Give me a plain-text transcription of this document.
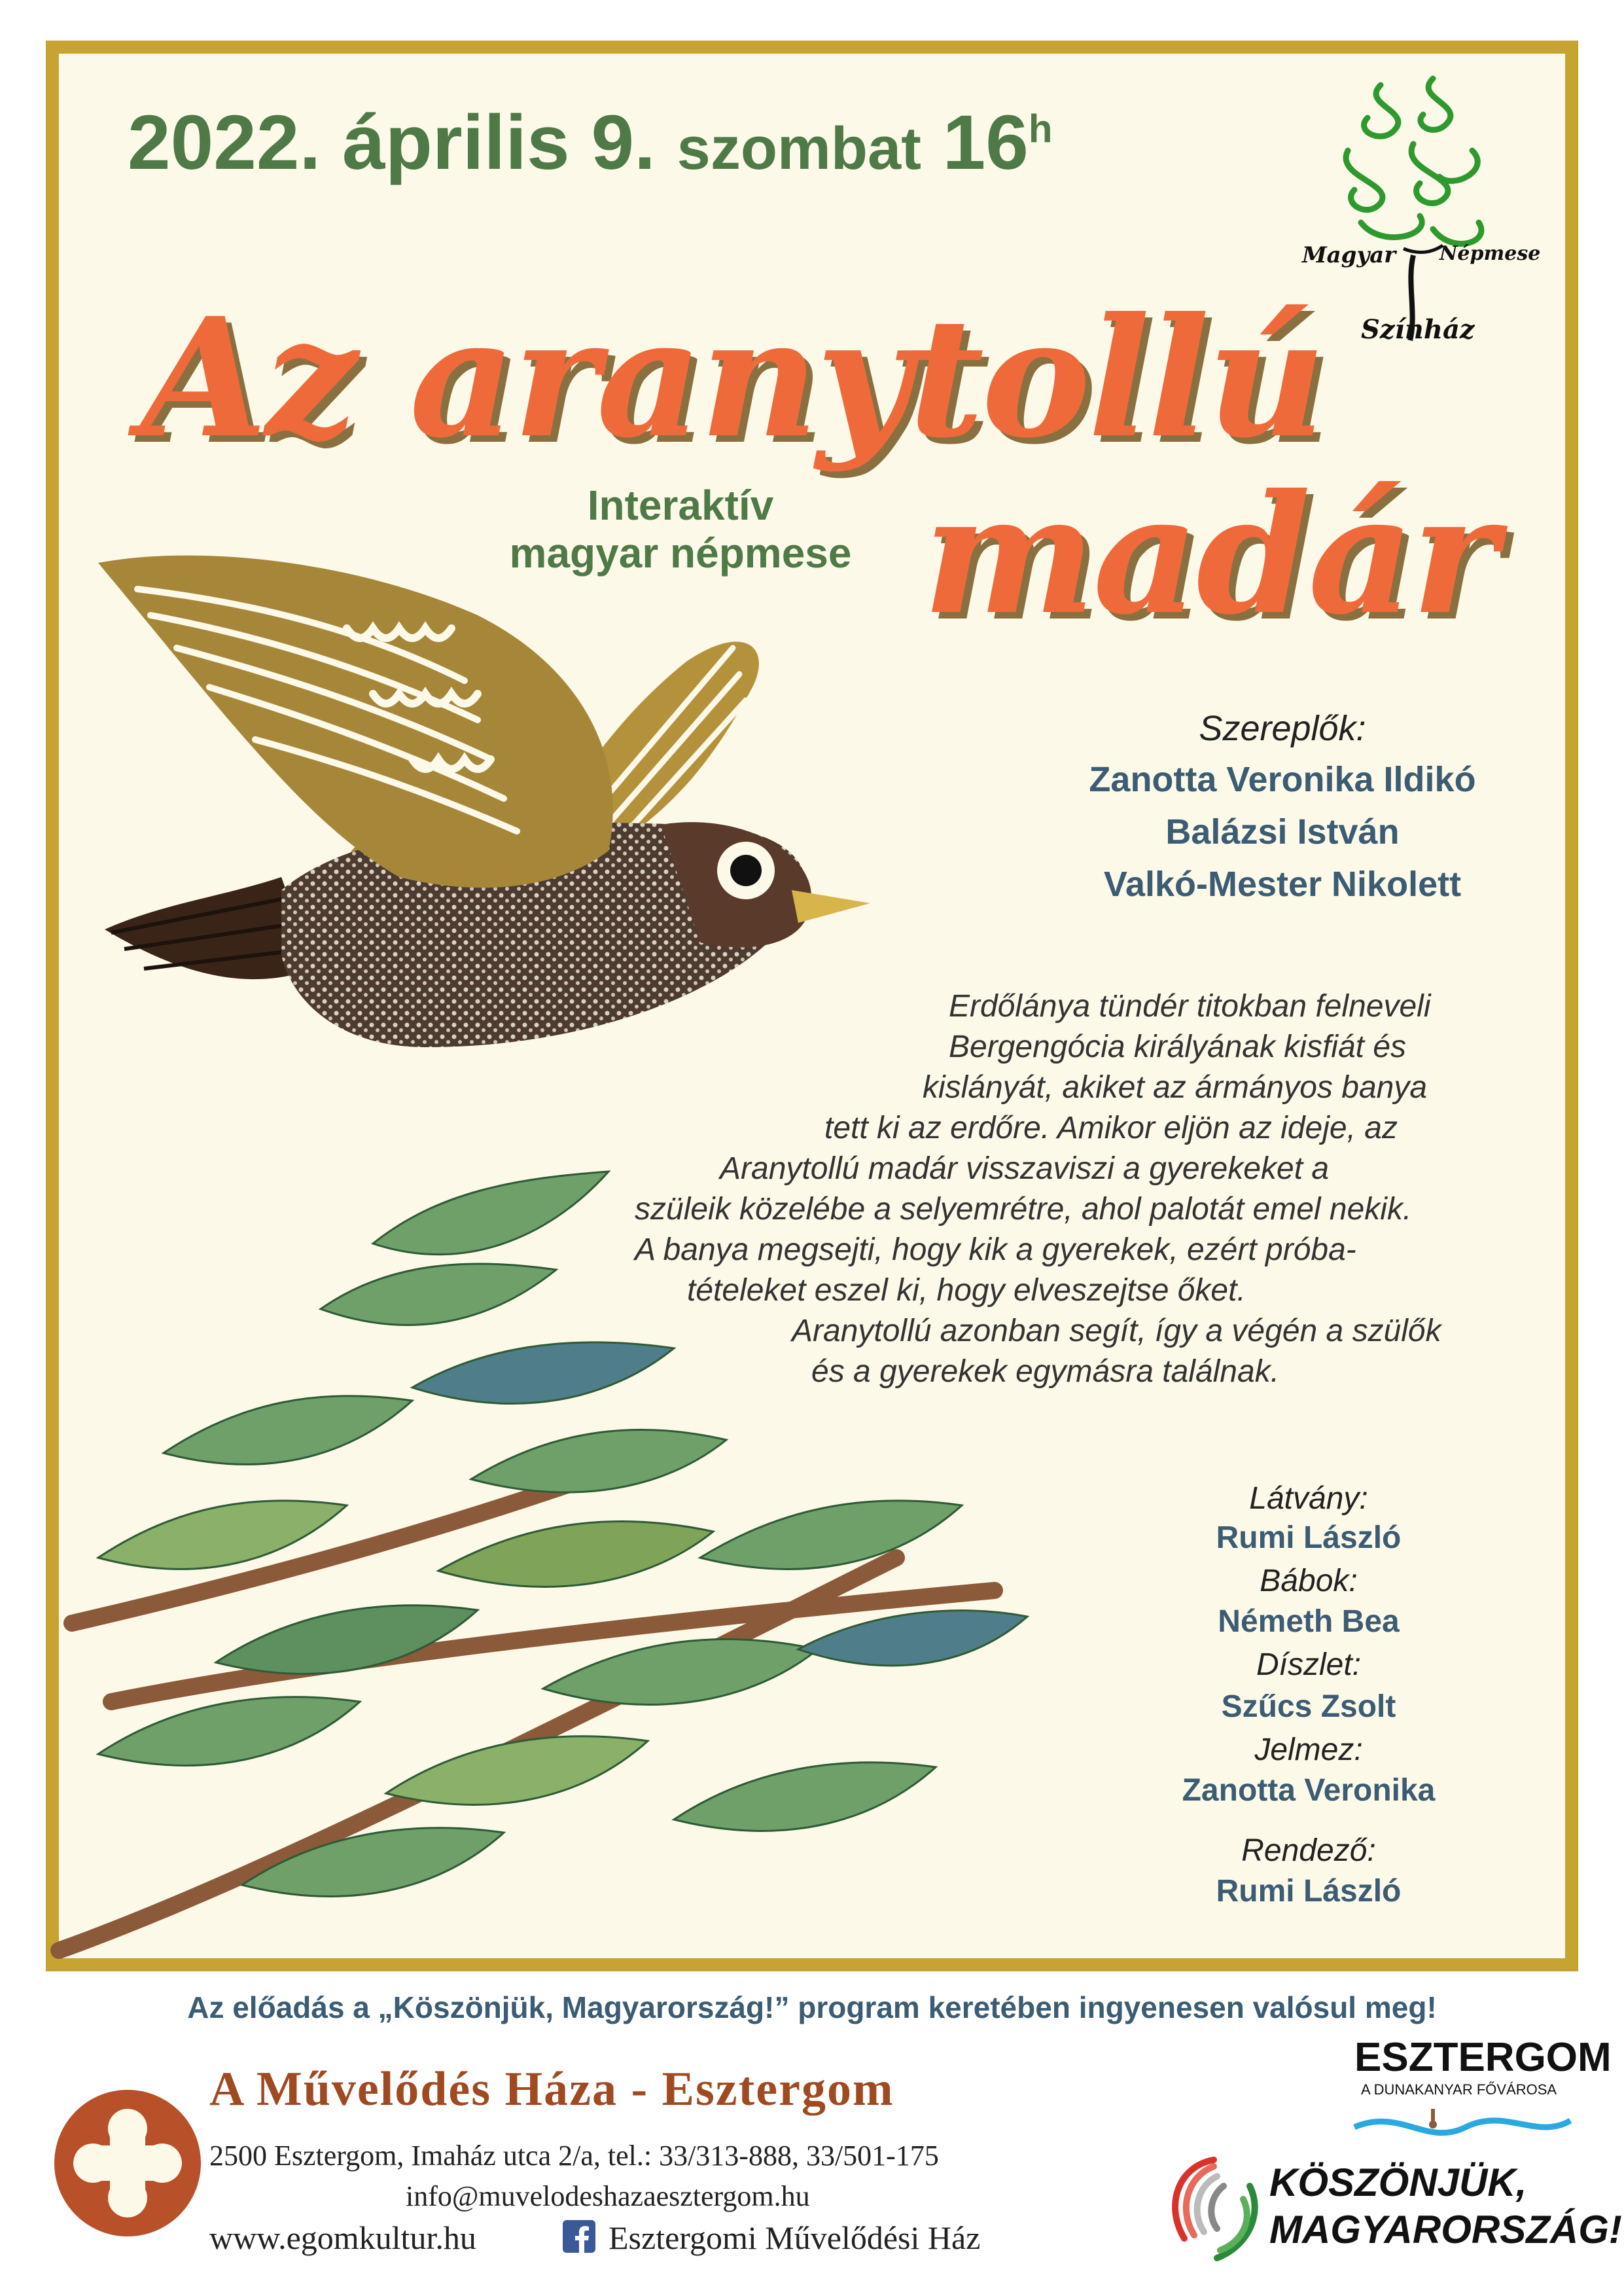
2022. április 9. szombat 16$^h$

Magyar Népmese

Színház

Az aranytollú

madár

Interaktív

magyar népmese

Szereplők:

Zanotta Veronika Ildikó

Balázsi István

Valkó-Mester Nikolett

Erdőlánya tündér titokban felneveli

Bergengócia királyának kisfiát és

kislányát, akiket az ármányos banya

tett ki az erdőre. Amikor eljön az ideje, az

Aranytollú madár visszaviszi a gyerekeket a

szüleik közelébe a selyemrétre, ahol palotát emel nekik.

A banya megsejti, hogy kik a gyerekek, ezért próba-

tételeket eszel ki, hogy elveszejtse őket.

Aranytollú azonban segít, így a végén a szülők

és a gyerekek egymásra találnak.

Látvány:

Rumi László

Bábok:

Németh Bea

Díszlet:

Szűcs Zsolt

Jelmez:

Zanotta Veronika

Rendező:

Rumi László

Az előadás a „Köszönjük, Magyarország!” program keretében ingyenesen valósul meg!

A Művelődés Háza - Esztergom

2500 Esztergom, Imaház utca 2/a, tel.: 33/313-888, 33/501-175

info@muvelodeshazaesztergom.hu

www.egomkultur.hu	Esztergomi Művelődési Ház

ESZTERGOM

A DUNAKANYAR FŐVÁROSA

KÖSZÖNJÜK,

MAGYARORSZÁG!
